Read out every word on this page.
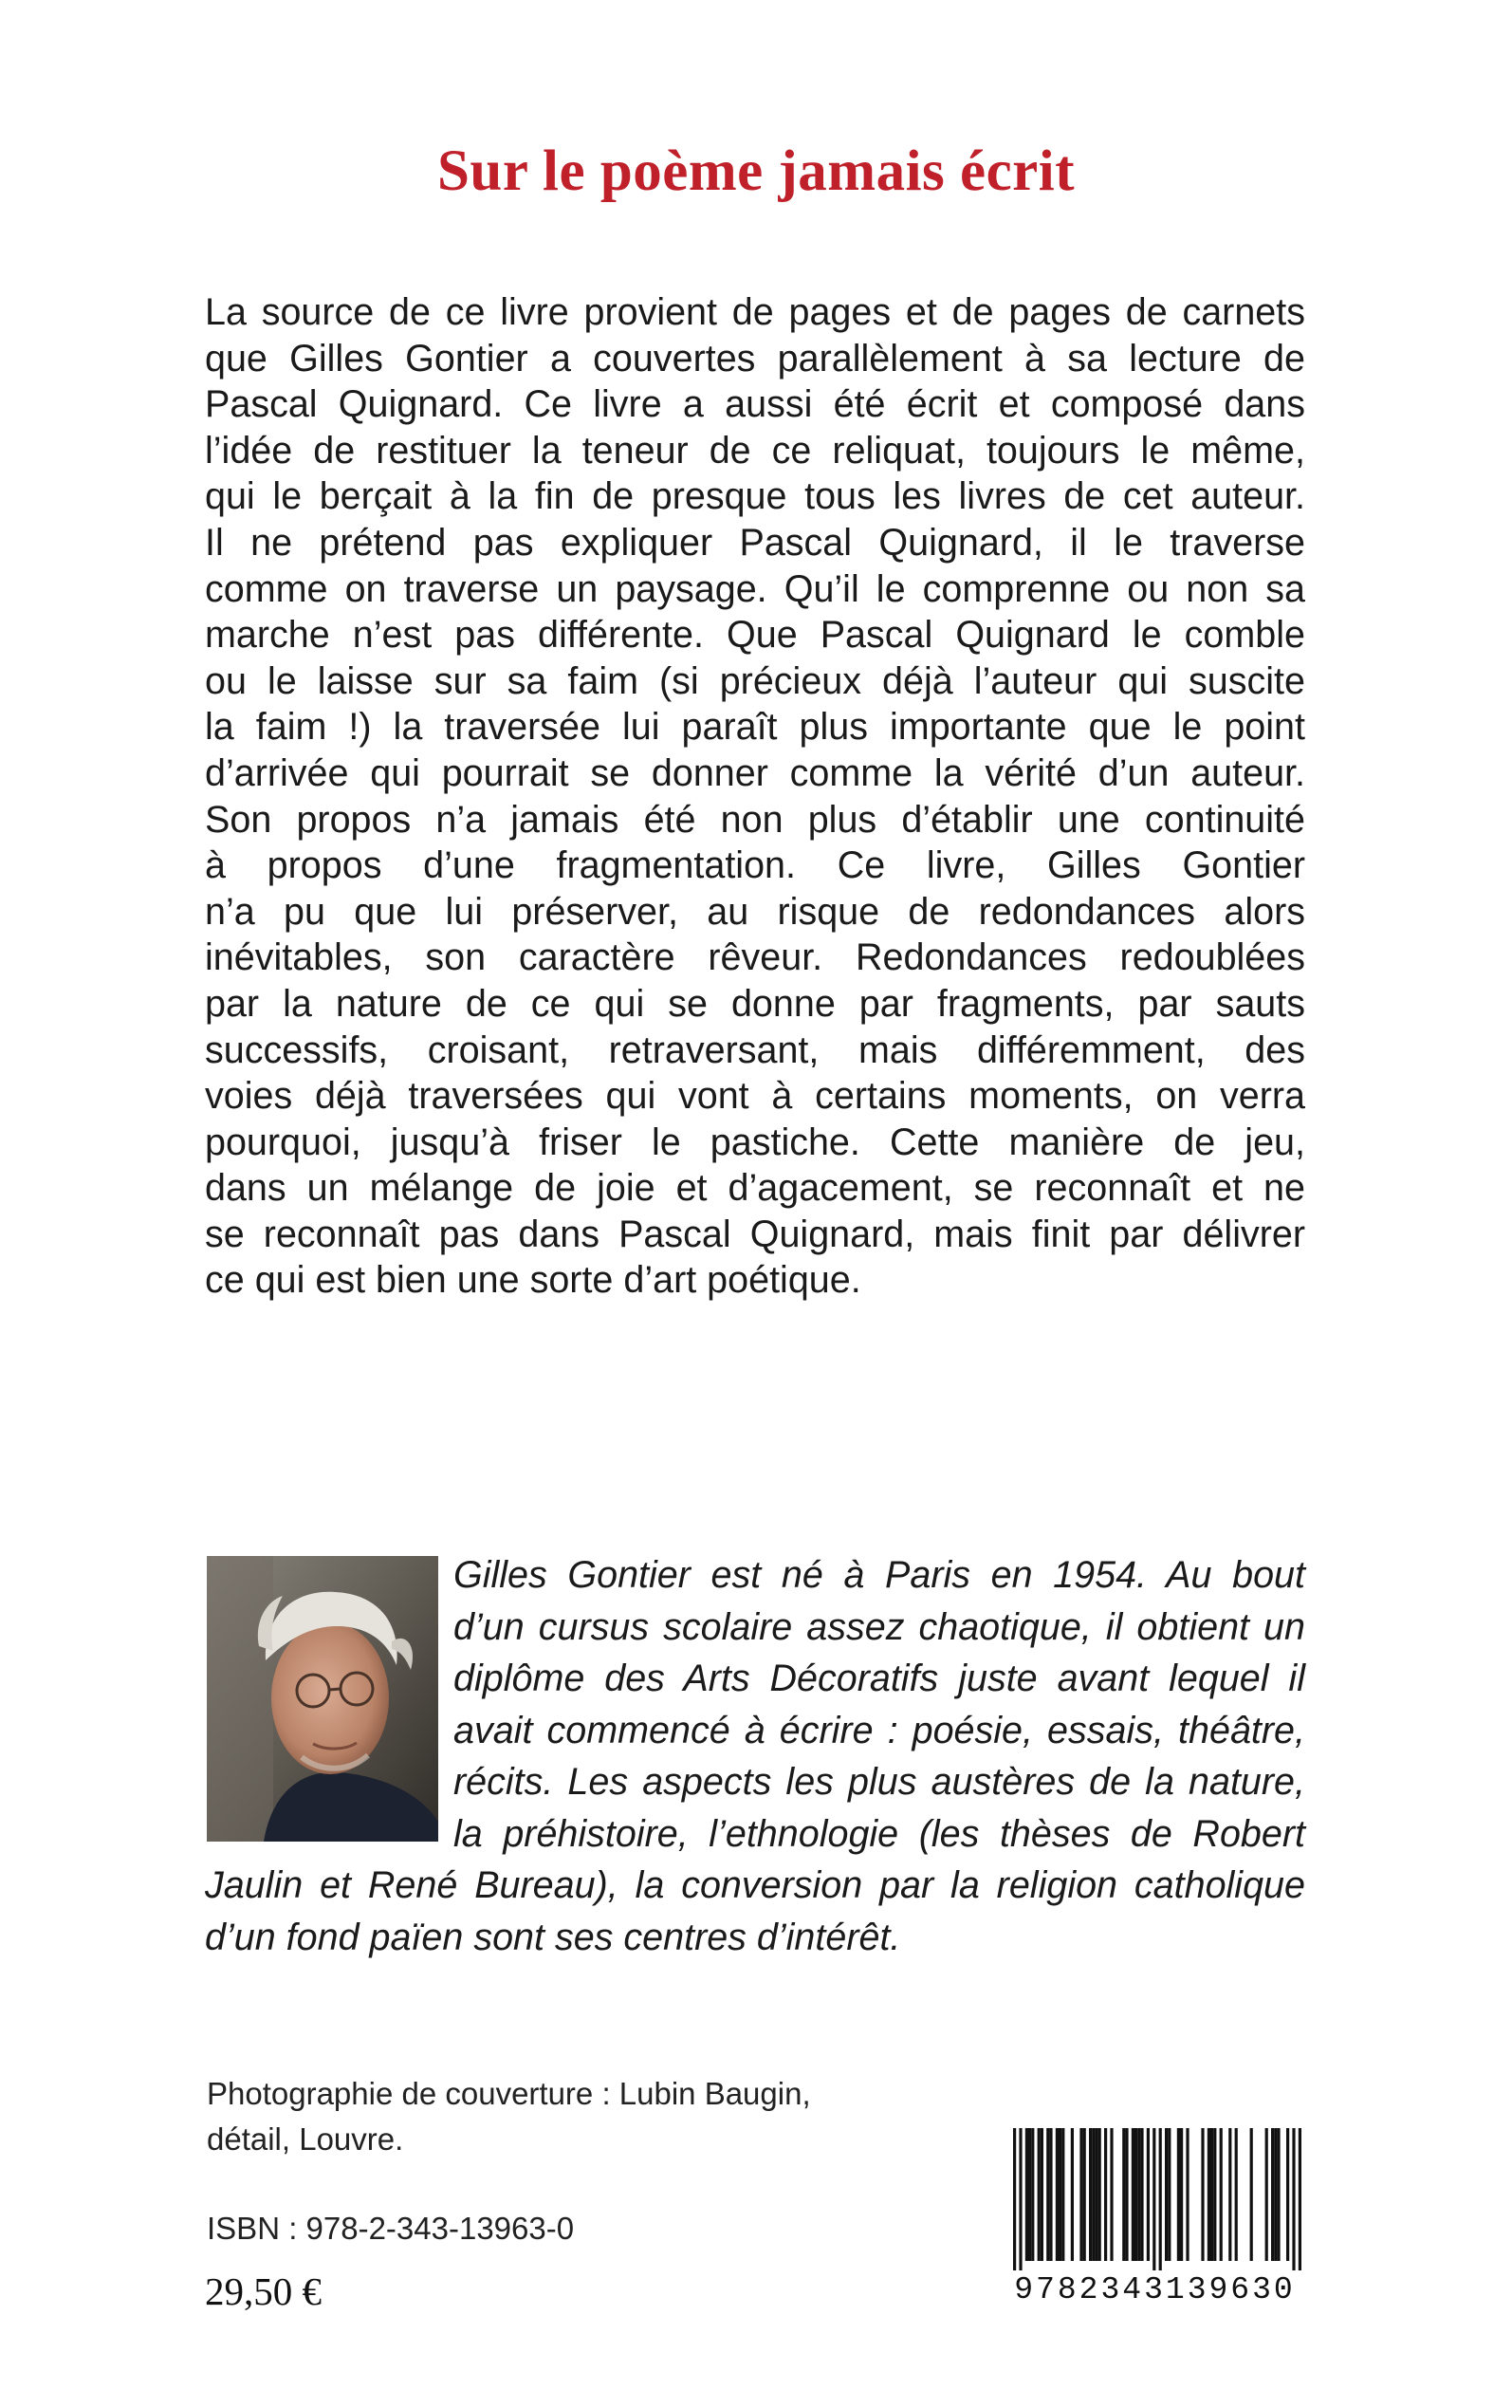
Sur le poème jamais écrit
La source de ce livre provient de pages et de pages de carnets
que Gilles Gontier a couvertes parallèlement à sa lecture de
Pascal Quignard. Ce livre a aussi été écrit et composé dans
l’idée de restituer la teneur de ce reliquat, toujours le même,
qui le berçait à la fin de presque tous les livres de cet auteur.
Il ne prétend pas expliquer Pascal Quignard, il le traverse
comme on traverse un paysage. Qu’il le comprenne ou non sa
marche n’est pas différente. Que Pascal Quignard le comble
ou le laisse sur sa faim (si précieux déjà l’auteur qui suscite
la faim !) la traversée lui paraît plus importante que le point
d’arrivée qui pourrait se donner comme la vérité d’un auteur.
Son propos n’a jamais été non plus d’établir une continuité
à propos d’une fragmentation. Ce livre, Gilles Gontier
n’a pu que lui préserver, au risque de redondances alors
inévitables, son caractère rêveur. Redondances redoublées
par la nature de ce qui se donne par fragments, par sauts
successifs, croisant, retraversant, mais différemment, des
voies déjà traversées qui vont à certains moments, on verra
pourquoi, jusqu’à friser le pastiche. Cette manière de jeu,
dans un mélange de joie et d’agacement, se reconnaît et ne
se reconnaît pas dans Pascal Quignard, mais finit par délivrer
ce qui est bien une sorte d’art poétique.
Gilles Gontier est né à Paris en 1954. Au bout
d’un cursus scolaire assez chaotique, il obtient un
diplôme des Arts Décoratifs juste avant lequel il
avait commencé à écrire : poésie, essais, théâtre,
récits. Les aspects les plus austères de la nature,
la préhistoire, l’ethnologie (les thèses de Robert
Jaulin et René Bureau), la conversion par la religion catholique
d’un fond païen sont ses centres d’intérêt.

Photographie de couverture : Lubin Baugin,
détail, Louvre.

ISBN : 978-2-343-13963-0
29,50 €	9782343139630
